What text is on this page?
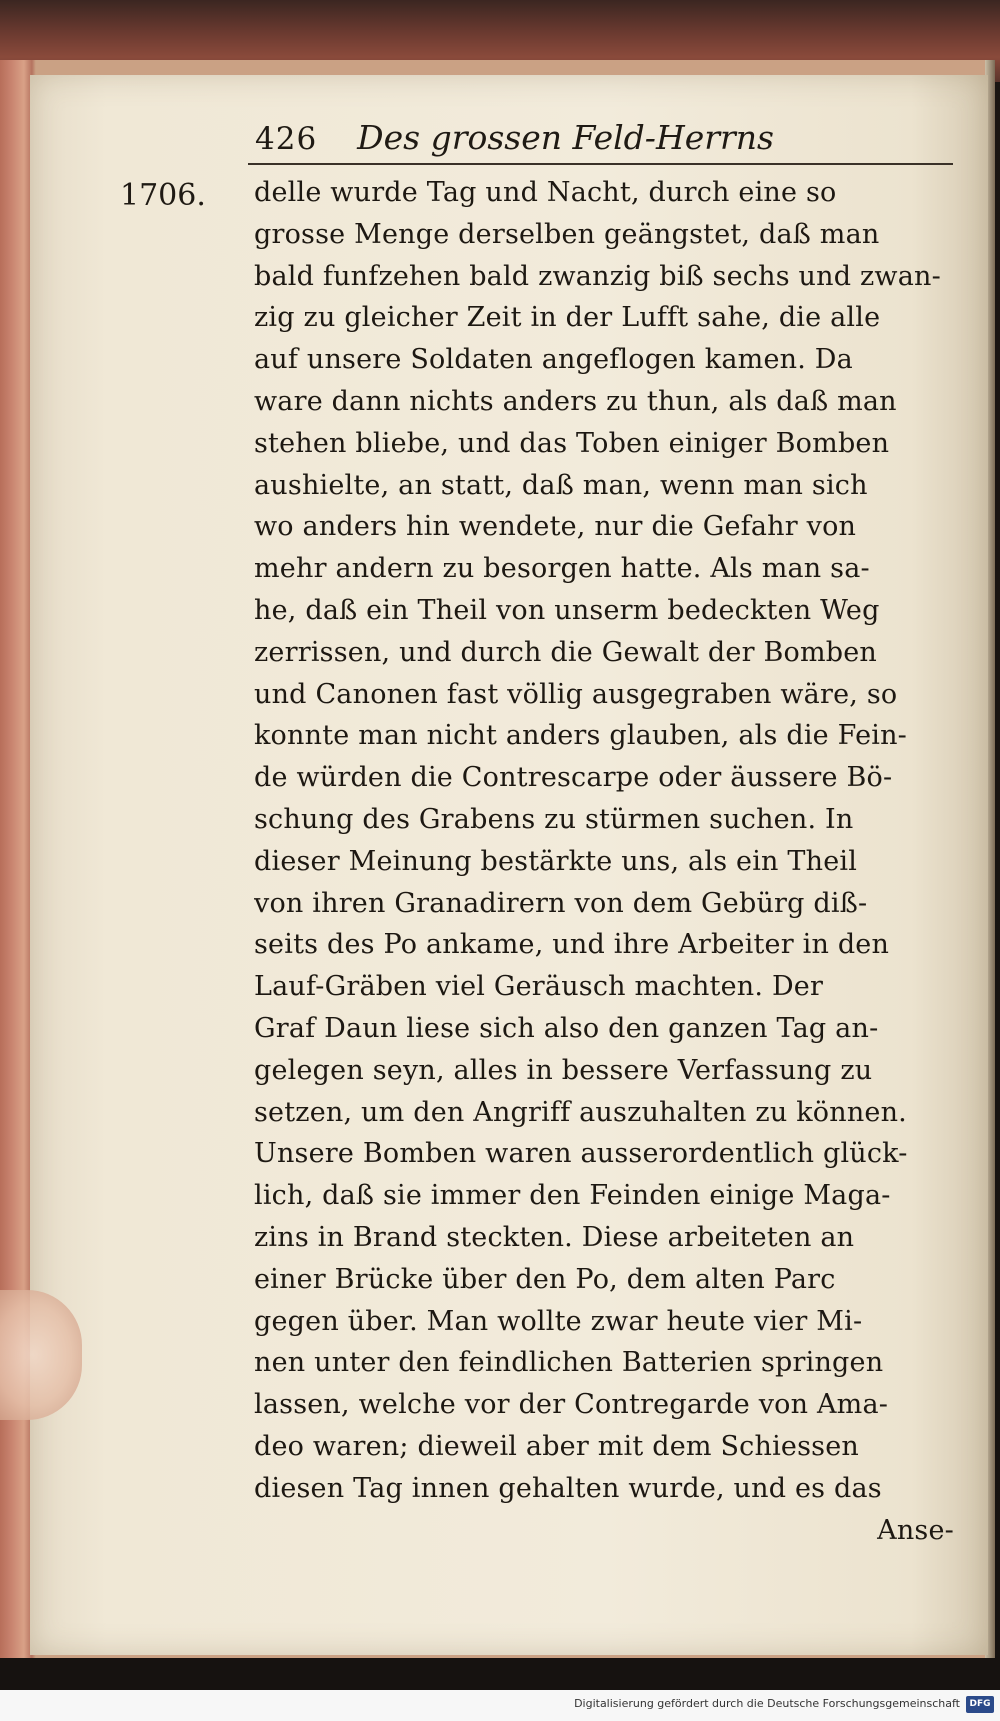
426 Des grossen Feld-Herrns
1706. delle wurde Tag und Nacht, durch eine so
grosse Menge derselben geängstet, daß man
bald funfzehen bald zwanzig biß sechs und zwan-
zig zu gleicher Zeit in der Lufft sahe, die alle
auf unsere Soldaten angeflogen kamen. Da
ware dann nichts anders zu thun, als daß man
stehen bliebe, und das Toben einiger Bomben
aushielte, an statt, daß man, wenn man sich
wo anders hin wendete, nur die Gefahr von
mehr andern zu besorgen hatte. Als man sa-
he, daß ein Theil von unserm bedeckten Weg
zerrissen, und durch die Gewalt der Bomben
und Canonen fast völlig ausgegraben wäre, so
konnte man nicht anders glauben, als die Fein-
de würden die Contrescarpe oder äussere Bö-
schung des Grabens zu stürmen suchen. In
dieser Meinung bestärkte uns, als ein Theil
von ihren Granadirern von dem Gebürg diß-
seits des Po ankame, und ihre Arbeiter in den
Lauf-Gräben viel Geräusch machten. Der
Graf Daun liese sich also den ganzen Tag an-
gelegen seyn, alles in bessere Verfassung zu
setzen, um den Angriff auszuhalten zu können.
Unsere Bomben waren ausserordentlich glück-
lich, daß sie immer den Feinden einige Maga-
zins in Brand steckten. Diese arbeiteten an
einer Brücke über den Po, dem alten Parc
gegen über. Man wollte zwar heute vier Mi-
nen unter den feindlichen Batterien springen
lassen, welche vor der Contregarde von Ama-
deo waren; dieweil aber mit dem Schiessen
diesen Tag innen gehalten wurde, und es das
Anse-
Digitalisierung gefördert durch die Deutsche Forschungsgemeinschaft	DFG
